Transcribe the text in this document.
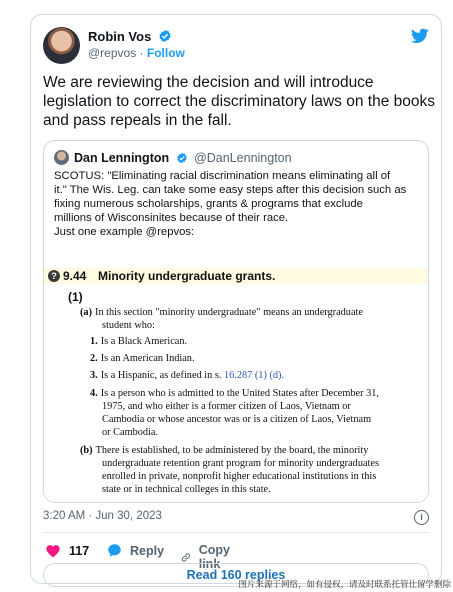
Robin Vos
@repvos · Follow
We are reviewing the decision and will introduce legislation to correct the discriminatory laws on the books and pass repeals in the fall.
Dan Lennington @DanLennington
SCOTUS: "Eliminating racial discrimination means eliminating all of
it." The Wis. Leg. can take some easy steps after this decision such as
fixing numerous scholarships, grants & programs that exclude
millions of Wisconsinites because of their race.
Just one example @repvos:
? 9.44 Minority undergraduate grants.
(1)
(a) In this section "minority undergraduate" means an undergraduate
student who:
1. Is a Black American.
2. Is an American Indian.
3. Is a Hispanic, as defined in s. 16.287 (1) (d).
4. Is a person who is admitted to the United States after December 31,
1975, and who either is a former citizen of Laos, Vietnam or
Cambodia or whose ancestor was or is a citizen of Laos, Vietnam
or Cambodia.
(b) There is established, to be administered by the board, the minority
undergraduate retention grant program for minority undergraduates
enrolled in private, nonprofit higher educational institutions in this
state or in technical colleges in this state.
3:20 AM · Jun 30, 2023	i
117	Reply	Copy link
Read 160 replies
图片来源于网络，如有侵权，请及时联系托管仕留学删除
